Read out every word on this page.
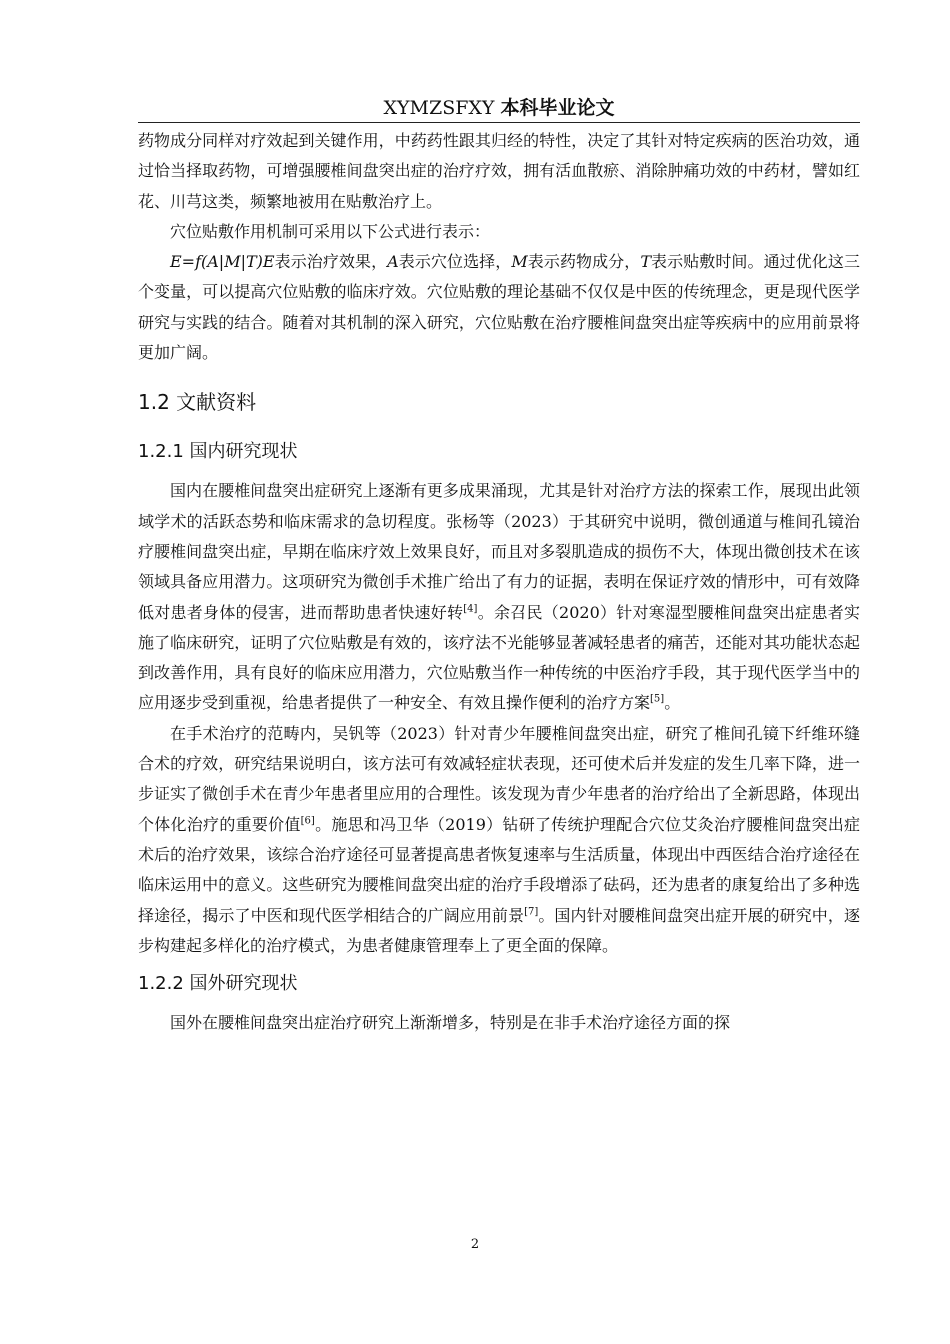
XYMZSFXY 本科毕业论文

药物成分同样对疗效起到关键作用，中药药性跟其归经的特性，决定了其针对特定疾病的医治功效，通过恰当择取药物，可增强腰椎间盘突出症的治疗疗效，拥有活血散瘀、消除肿痛功效的中药材，譬如红花、川芎这类，频繁地被用在贴敷治疗上。

穴位贴敷作用机制可采用以下公式进行表示：

E=f(A|M|T)E表示治疗效果，A表示穴位选择，M表示药物成分，T表示贴敷时间。通过优化这三个变量，可以提高穴位贴敷的临床疗效。穴位贴敷的理论基础不仅仅是中医的传统理念，更是现代医学研究与实践的结合。随着对其机制的深入研究，穴位贴敷在治疗腰椎间盘突出症等疾病中的应用前景将更加广阔。

1.2 文献资料
1.2.1 国内研究现状

国内在腰椎间盘突出症研究上逐渐有更多成果涌现，尤其是针对治疗方法的探索工作，展现出此领域学术的活跃态势和临床需求的急切程度。张杨等（2023）于其研究中说明，微创通道与椎间孔镜治疗腰椎间盘突出症，早期在临床疗效上效果良好，而且对多裂肌造成的损伤不大，体现出微创技术在该领域具备应用潜力。这项研究为微创手术推广给出了有力的证据，表明在保证疗效的情形中，可有效降低对患者身体的侵害，进而帮助患者快速好转[4]。余召民（2020）针对寒湿型腰椎间盘突出症患者实施了临床研究，证明了穴位贴敷是有效的，该疗法不光能够显著减轻患者的痛苦，还能对其功能状态起到改善作用，具有良好的临床应用潜力，穴位贴敷当作一种传统的中医治疗手段，其于现代医学当中的应用逐步受到重视，给患者提供了一种安全、有效且操作便利的治疗方案[5]。

在手术治疗的范畴内，吴钒等（2023）针对青少年腰椎间盘突出症，研究了椎间孔镜下纤维环缝合术的疗效，研究结果说明白，该方法可有效减轻症状表现，还可使术后并发症的发生几率下降，进一步证实了微创手术在青少年患者里应用的合理性。该发现为青少年患者的治疗给出了全新思路，体现出个体化治疗的重要价值[6]。施思和冯卫华（2019）钻研了传统护理配合穴位艾灸治疗腰椎间盘突出症术后的治疗效果，该综合治疗途径可显著提高患者恢复速率与生活质量，体现出中西医结合治疗途径在临床运用中的意义。这些研究为腰椎间盘突出症的治疗手段增添了砝码，还为患者的康复给出了多种选择途径，揭示了中医和现代医学相结合的广阔应用前景[7]。国内针对腰椎间盘突出症开展的研究中，逐步构建起多样化的治疗模式，为患者健康管理奉上了更全面的保障。

1.2.2 国外研究现状

国外在腰椎间盘突出症治疗研究上渐渐增多，特别是在非手术治疗途径方面的探

2
